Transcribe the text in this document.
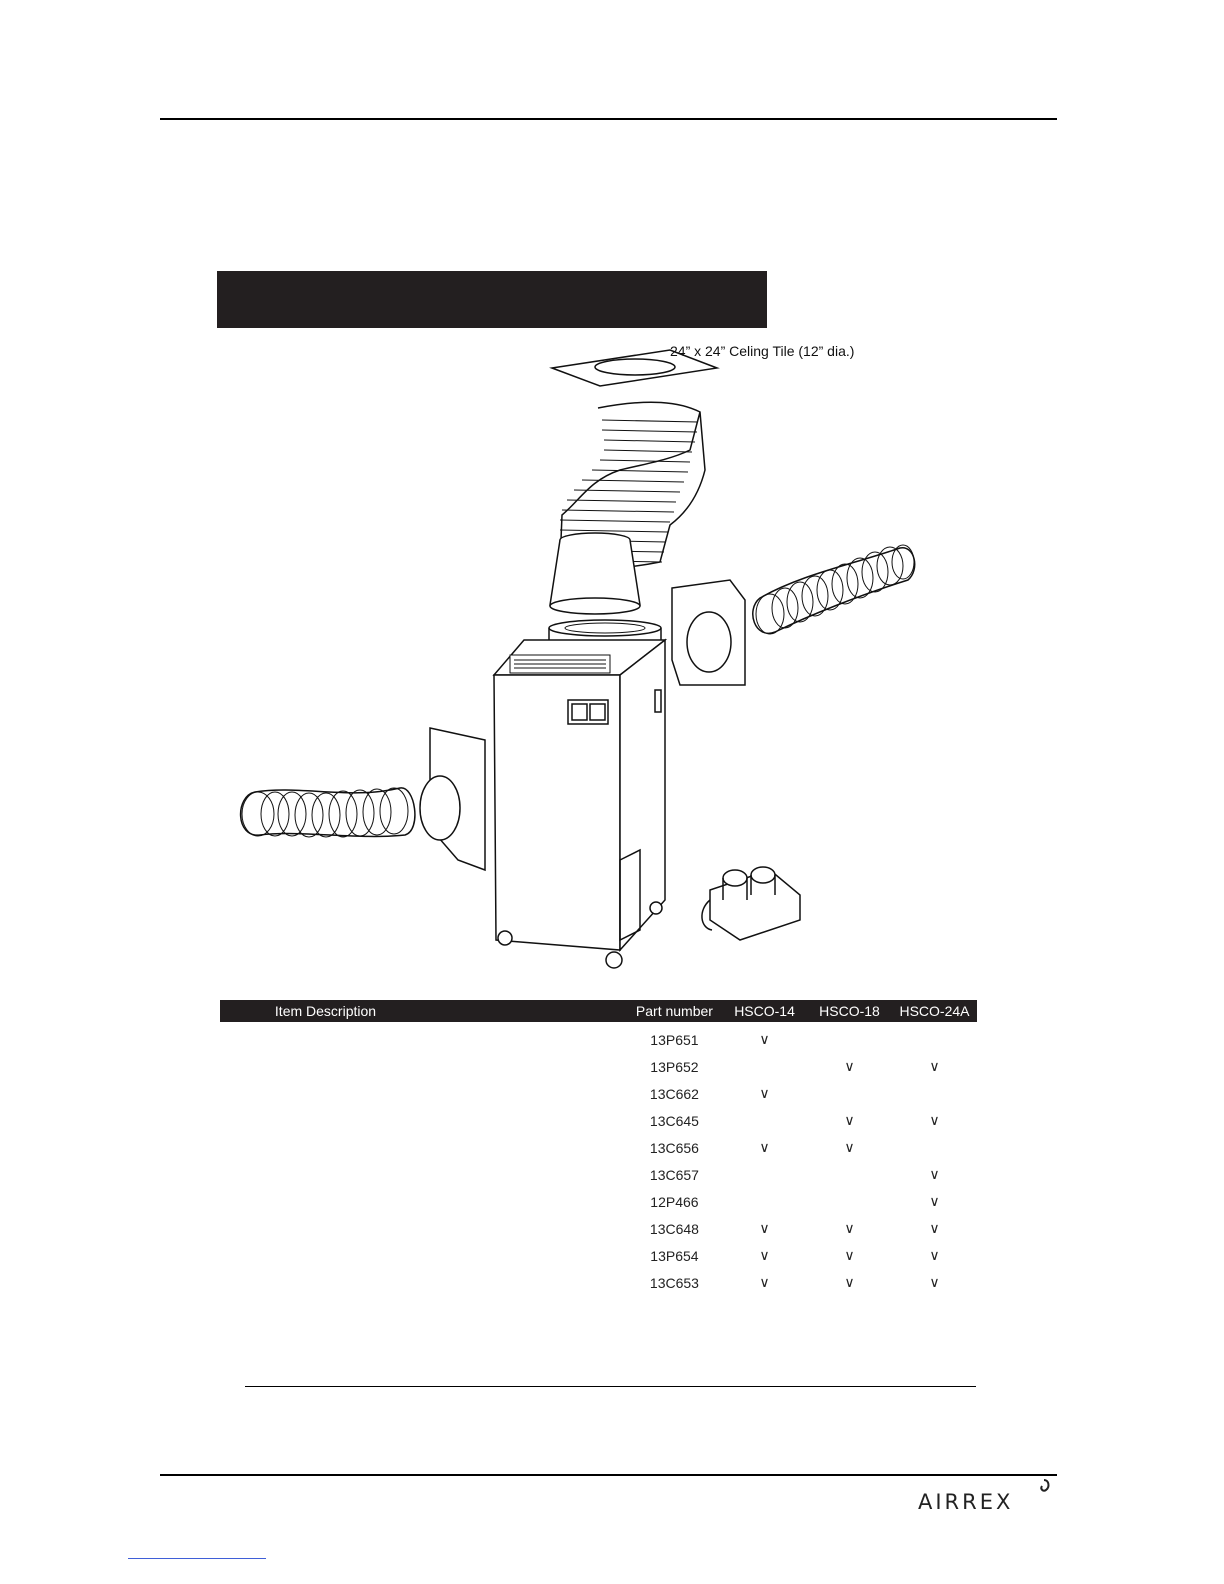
24” x 24” Celing Tile (12” dia.)
Item Description		Part number	HSCO-14	HSCO-18	HSCO-24A
		13P651	∨		
		13P652		∨	∨
		13C662	∨		
		13C645		∨	∨
		13C656	∨	∨	
		13C657			∨
		12P466			∨
		13C648	∨	∨	∨
		13P654	∨	∨	∨
		13C653	∨	∨	∨
AIRREX
